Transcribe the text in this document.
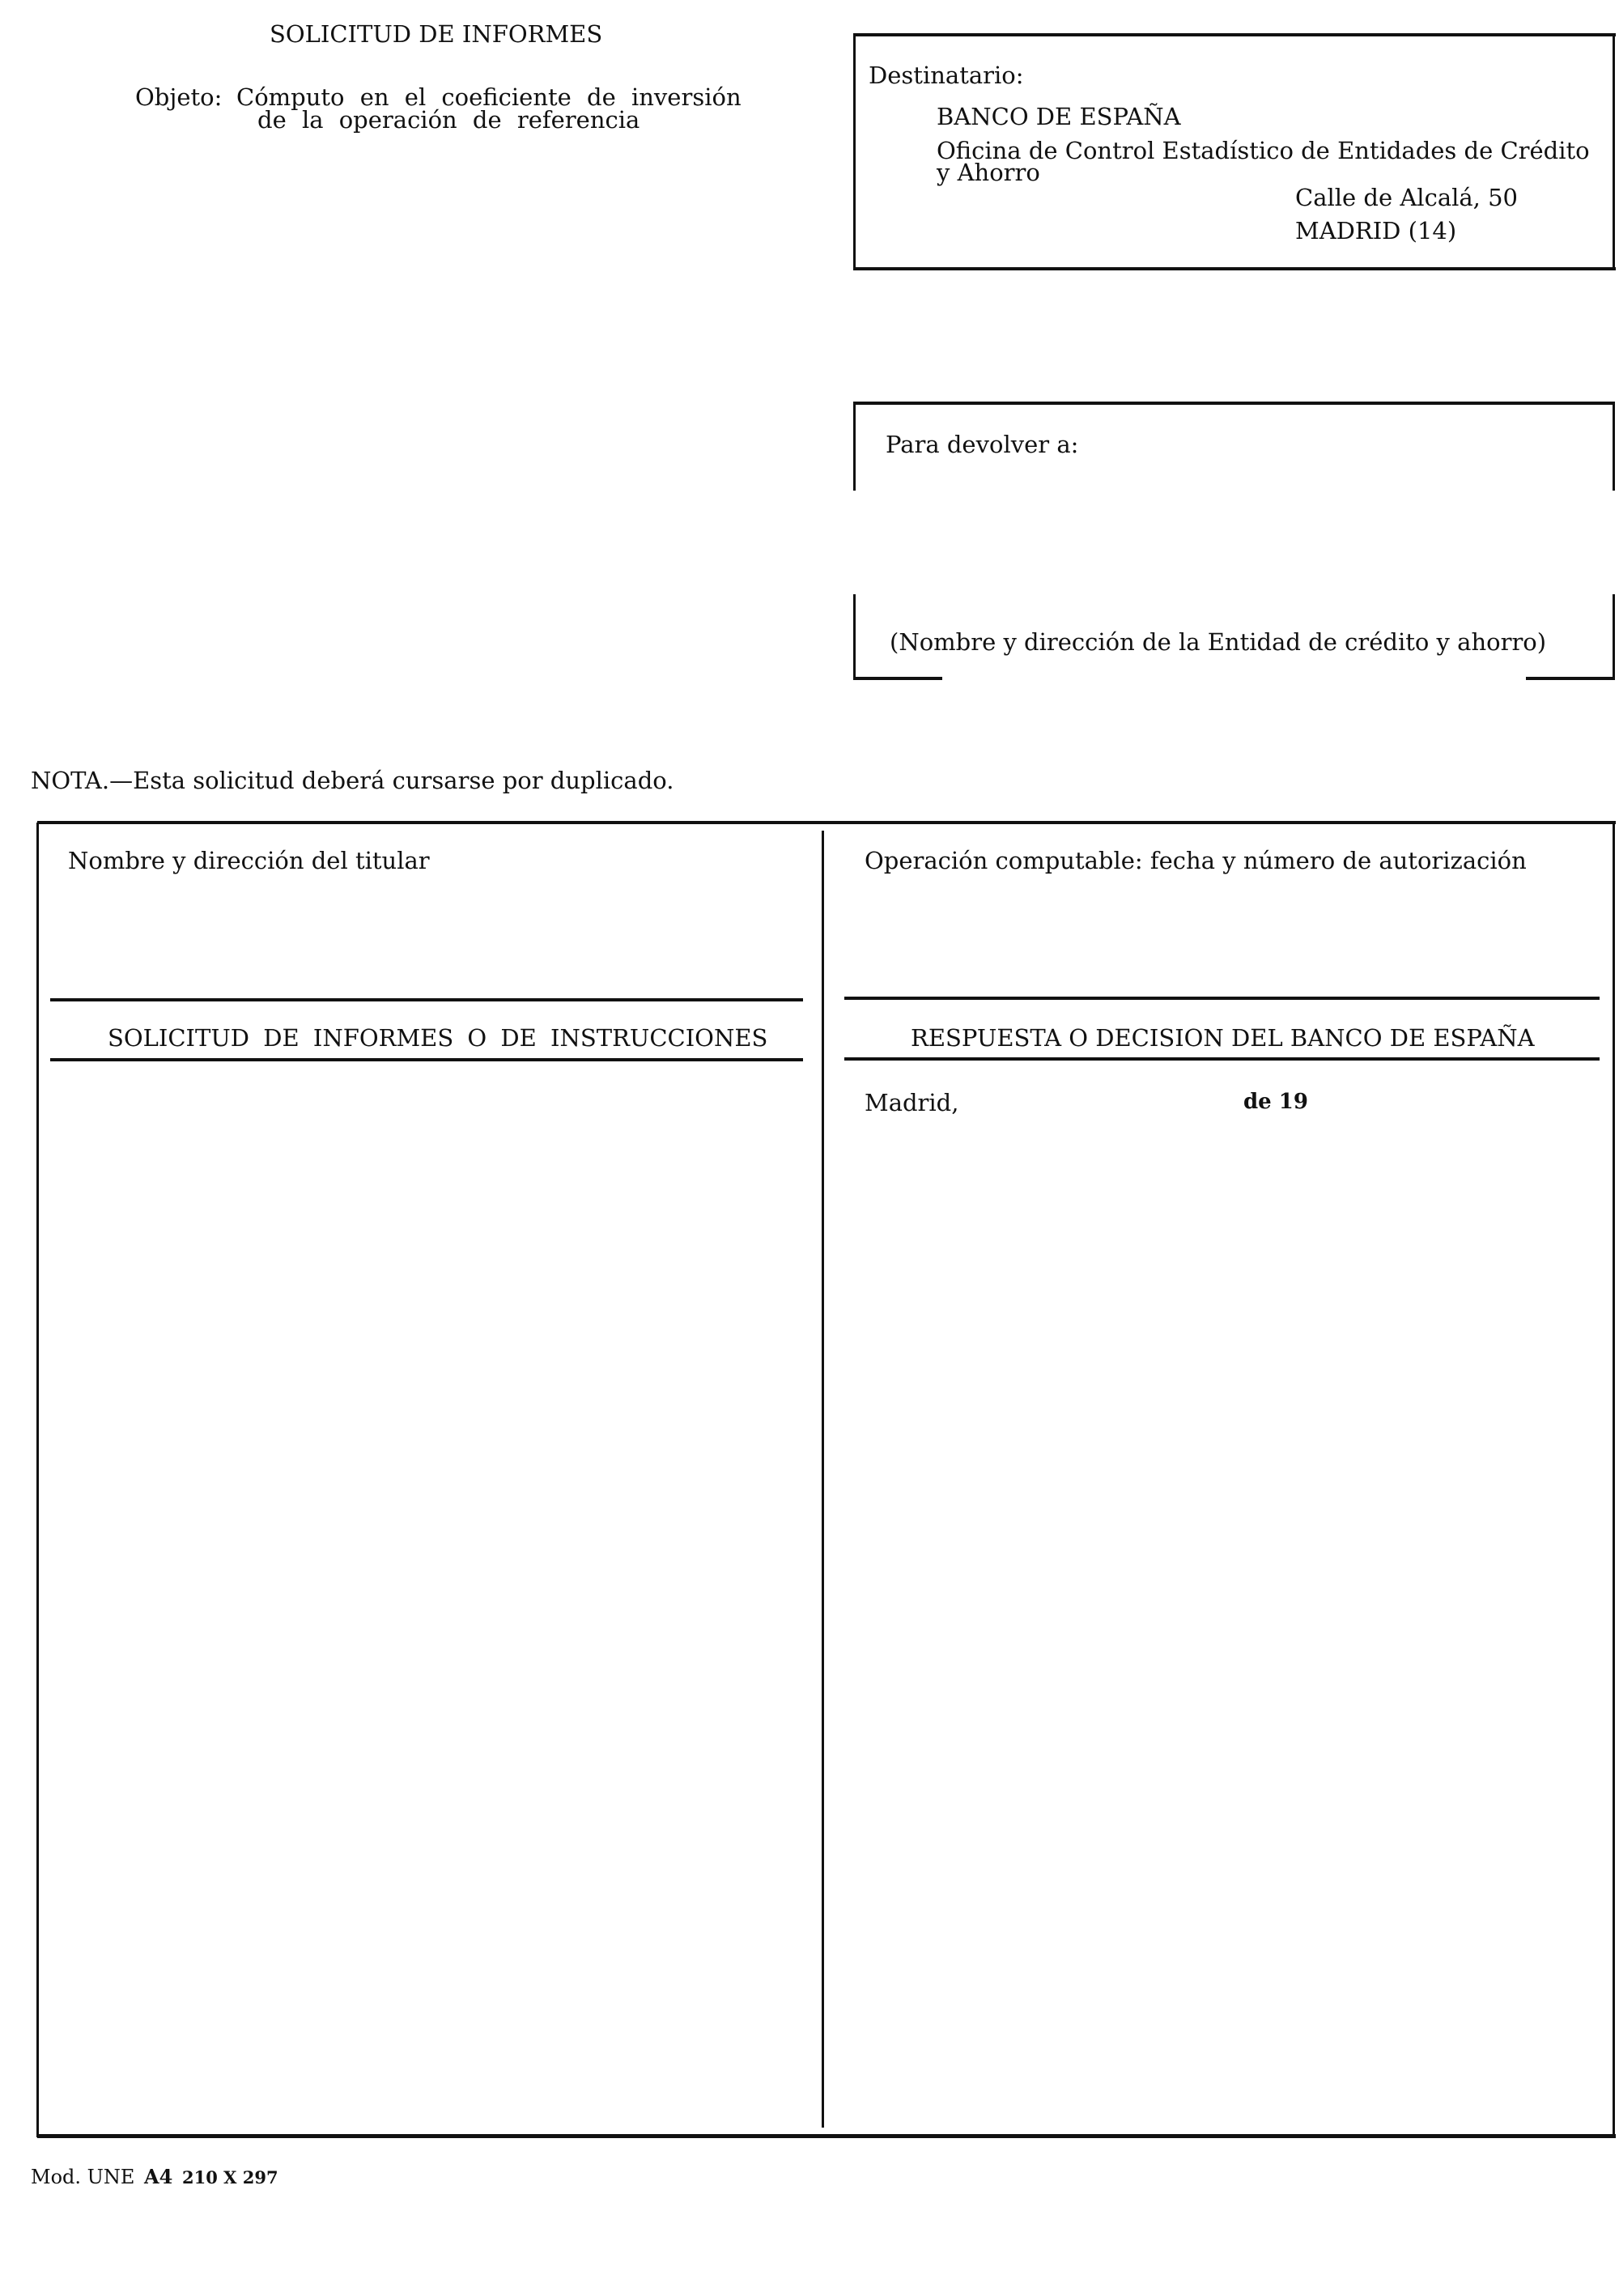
SOLICITUD DE INFORMES
Objeto: Cómputo en el coeficiente de inversión
de la operación de referencia
Destinatario:
BANCO DE ESPAÑA
Oficina de Control Estadístico de Entidades de Crédito
y Ahorro
Calle de Alcalá, 50
MADRID (14)
Para devolver a:
(Nombre y dirección de la Entidad de crédito y ahorro)
NOTA.—Esta solicitud deberá cursarse por duplicado.
Nombre y dirección del titular
SOLICITUD DE INFORMES O DE INSTRUCCIONES
Operación computable: fecha y número de autorización
RESPUESTA O DECISION DEL BANCO DE ESPAÑA
Madrid,	de 19
Mod. UNE A4 210 X 297
